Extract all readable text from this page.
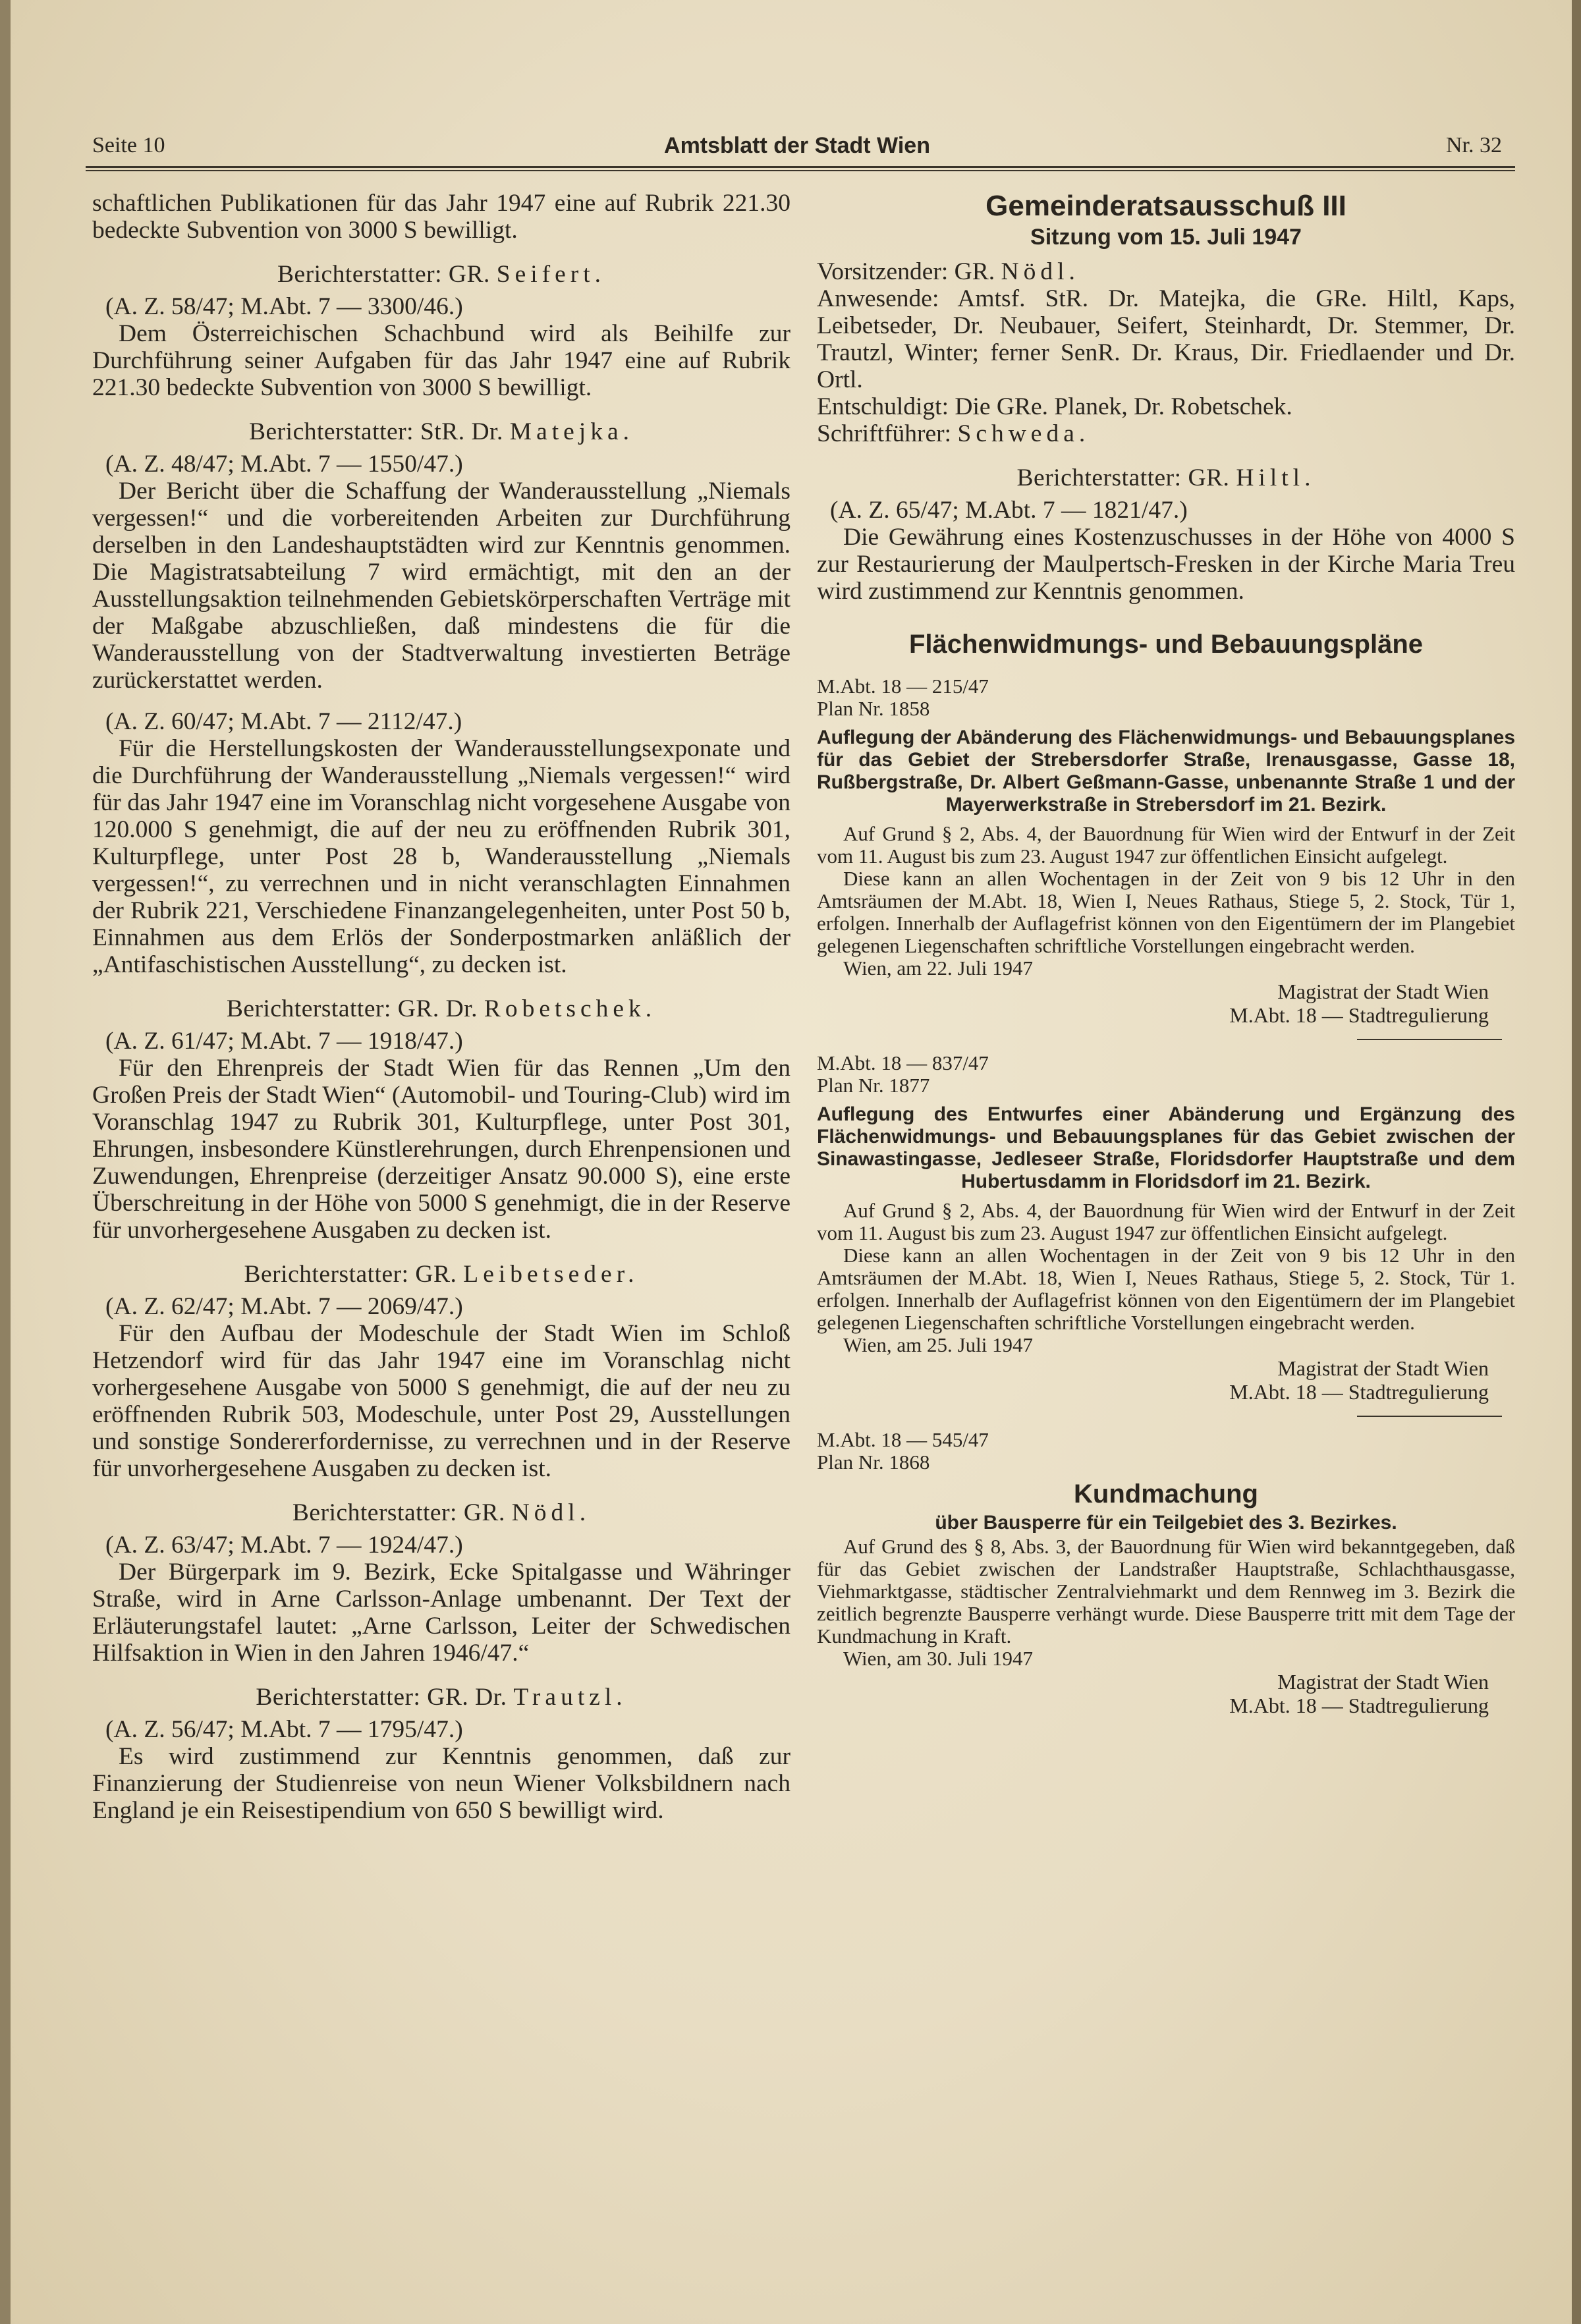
Seite 10	Amtsblatt der Stadt Wien	Nr. 32

schaftlichen Publikationen für das Jahr 1947 eine auf Rubrik 221.30 bedeckte Subvention von 3000 S bewilligt.

Berichterstatter: GR. Seifert.

(A. Z. 58/47; M.Abt. 7 — 3300/46.)

Dem Österreichischen Schachbund wird als Beihilfe zur Durchführung seiner Aufgaben für das Jahr 1947 eine auf Rubrik 221.30 bedeckte Subvention von 3000 S bewilligt.

Berichterstatter: StR. Dr. Matejka.

(A. Z. 48/47; M.Abt. 7 — 1550/47.)

Der Bericht über die Schaffung der Wanderausstellung „Niemals vergessen!“ und die vorbereitenden Arbeiten zur Durchführung derselben in den Landeshauptstädten wird zur Kenntnis genommen. Die Magistratsabteilung 7 wird ermächtigt, mit den an der Ausstellungsaktion teilnehmenden Gebietskörperschaften Verträge mit der Maßgabe abzuschließen, daß mindestens die für die Wanderausstellung von der Stadtverwaltung investierten Beträge zurückerstattet werden.

(A. Z. 60/47; M.Abt. 7 — 2112/47.)

Für die Herstellungskosten der Wanderausstellungsexponate und die Durchführung der Wanderausstellung „Niemals vergessen!“ wird für das Jahr 1947 eine im Voranschlag nicht vorgesehene Ausgabe von 120.000 S genehmigt, die auf der neu zu eröffnenden Rubrik 301, Kulturpflege, unter Post 28 b, Wanderausstellung „Niemals vergessen!“, zu verrechnen und in nicht veranschlagten Einnahmen der Rubrik 221, Verschiedene Finanzangelegenheiten, unter Post 50 b, Einnahmen aus dem Erlös der Sonderpostmarken anläßlich der „Antifaschistischen Ausstellung“, zu decken ist.

Berichterstatter: GR. Dr. Robetschek.

(A. Z. 61/47; M.Abt. 7 — 1918/47.)

Für den Ehrenpreis der Stadt Wien für das Rennen „Um den Großen Preis der Stadt Wien“ (Automobil- und Touring-Club) wird im Voranschlag 1947 zu Rubrik 301, Kulturpflege, unter Post 301, Ehrungen, insbesondere Künstlerehrungen, durch Ehrenpensionen und Zuwendungen, Ehrenpreise (derzeitiger Ansatz 90.000 S), eine erste Überschreitung in der Höhe von 5000 S genehmigt, die in der Reserve für unvorhergesehene Ausgaben zu decken ist.

Berichterstatter: GR. Leibetseder.

(A. Z. 62/47; M.Abt. 7 — 2069/47.)

Für den Aufbau der Modeschule der Stadt Wien im Schloß Hetzendorf wird für das Jahr 1947 eine im Voranschlag nicht vorhergesehene Ausgabe von 5000 S genehmigt, die auf der neu zu eröffnenden Rubrik 503, Modeschule, unter Post 29, Ausstellungen und sonstige Sondererfordernisse, zu verrechnen und in der Reserve für unvorhergesehene Ausgaben zu decken ist.

Berichterstatter: GR. Nödl.

(A. Z. 63/47; M.Abt. 7 — 1924/47.)

Der Bürgerpark im 9. Bezirk, Ecke Spitalgasse und Währinger Straße, wird in Arne Carlsson-Anlage umbenannt. Der Text der Erläuterungstafel lautet: „Arne Carlsson, Leiter der Schwedischen Hilfsaktion in Wien in den Jahren 1946/47.“

Berichterstatter: GR. Dr. Trautzl.

(A. Z. 56/47; M.Abt. 7 — 1795/47.)

Es wird zustimmend zur Kenntnis genommen, daß zur Finanzierung der Studienreise von neun Wiener Volksbildnern nach England je ein Reisestipendium von 650 S bewilligt wird.

Gemeinderatsausschuß III
Sitzung vom 15. Juli 1947

Vorsitzender: GR. Nödl.

Anwesende: Amtsf. StR. Dr. Matejka, die GRe. Hiltl, Kaps, Leibetseder, Dr. Neubauer, Seifert, Steinhardt, Dr. Stemmer, Dr. Trautzl, Winter; ferner SenR. Dr. Kraus, Dir. Friedlaender und Dr. Ortl.

Entschuldigt: Die GRe. Planek, Dr. Robetschek.

Schriftführer: Schweda.

Berichterstatter: GR. Hiltl.

(A. Z. 65/47; M.Abt. 7 — 1821/47.)

Die Gewährung eines Kostenzuschusses in der Höhe von 4000 S zur Restaurierung der Maulpertsch-Fresken in der Kirche Maria Treu wird zustimmend zur Kenntnis genommen.

Flächenwidmungs- und Bebauungspläne
M.Abt. 18 — 215/47
Plan Nr. 1858
Auflegung der Abänderung des Flächenwidmungs- und Bebauungsplanes für das Gebiet der Strebersdorfer Straße, Irenausgasse, Gasse 18, Rußbergstraße, Dr. Albert Geßmann-Gasse, unbenannte Straße 1 und der Mayerwerkstraße in Strebersdorf im 21. Bezirk.

Auf Grund § 2, Abs. 4, der Bauordnung für Wien wird der Entwurf in der Zeit vom 11. August bis zum 23. August 1947 zur öffentlichen Einsicht aufgelegt.

Diese kann an allen Wochentagen in der Zeit von 9 bis 12 Uhr in den Amtsräumen der M.Abt. 18, Wien I, Neues Rathaus, Stiege 5, 2. Stock, Tür 1, erfolgen. Innerhalb der Auflagefrist können von den Eigentümern der im Plangebiet gelegenen Liegenschaften schriftliche Vorstellungen eingebracht werden.

Wien, am 22. Juli 1947

Magistrat der Stadt Wien
M.Abt. 18 — Stadtregulierung
M.Abt. 18 — 837/47
Plan Nr. 1877
Auflegung des Entwurfes einer Abänderung und Ergänzung des Flächenwidmungs- und Bebauungsplanes für das Gebiet zwischen der Sinawastingasse, Jedleseer Straße, Floridsdorfer Hauptstraße und dem Hubertusdamm in Floridsdorf im 21. Bezirk.

Auf Grund § 2, Abs. 4, der Bauordnung für Wien wird der Entwurf in der Zeit vom 11. August bis zum 23. August 1947 zur öffentlichen Einsicht aufgelegt.

Diese kann an allen Wochentagen in der Zeit von 9 bis 12 Uhr in den Amtsräumen der M.Abt. 18, Wien I, Neues Rathaus, Stiege 5, 2. Stock, Tür 1. erfolgen. Innerhalb der Auflagefrist können von den Eigentümern der im Plangebiet gelegenen Liegenschaften schriftliche Vorstellungen eingebracht werden.

Wien, am 25. Juli 1947

Magistrat der Stadt Wien
M.Abt. 18 — Stadtregulierung
M.Abt. 18 — 545/47
Plan Nr. 1868
Kundmachung
über Bausperre für ein Teilgebiet des 3. Bezirkes.

Auf Grund des § 8, Abs. 3, der Bauordnung für Wien wird bekanntgegeben, daß für das Gebiet zwischen der Landstraßer Hauptstraße, Schlachthausgasse, Viehmarktgasse, städtischer Zentralviehmarkt und dem Rennweg im 3. Bezirk die zeitlich begrenzte Bausperre verhängt wurde. Diese Bausperre tritt mit dem Tage der Kundmachung in Kraft.

Wien, am 30. Juli 1947

Magistrat der Stadt Wien
M.Abt. 18 — Stadtregulierung
